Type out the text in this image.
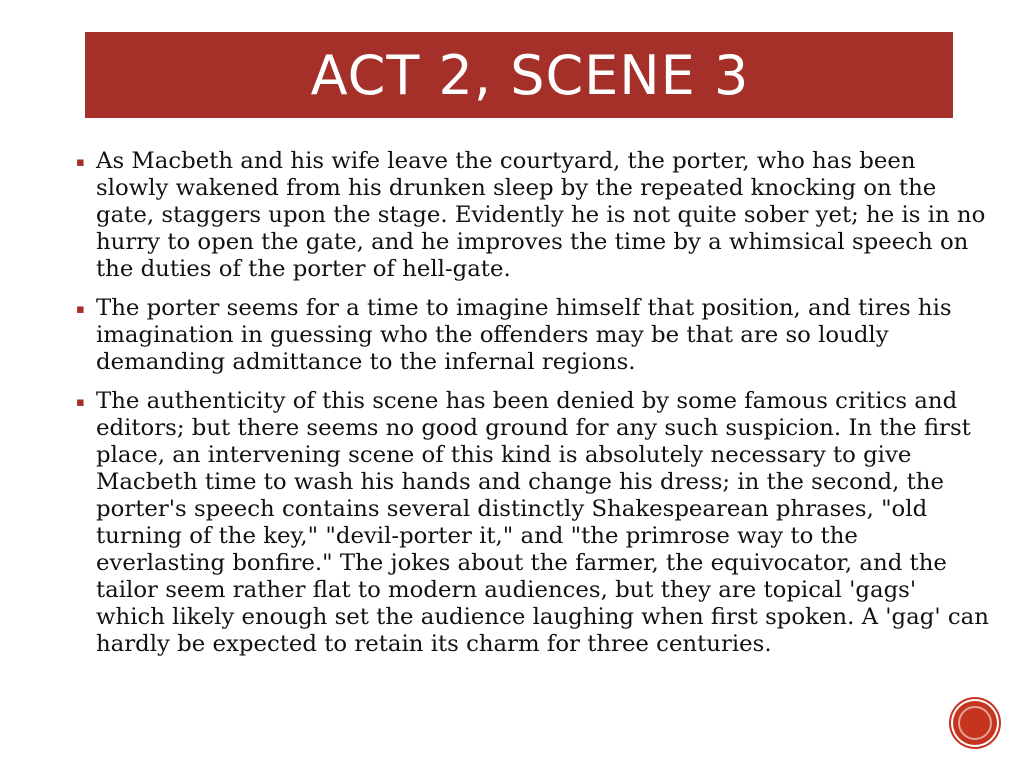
ACT 2, SCENE 3
▪ As Macbeth and his wife leave the courtyard, the porter, who has been slowly wakened from his drunken sleep by the repeated knocking on the gate, staggers upon the stage. Evidently he is not quite sober yet; he is in no hurry to open the gate, and he improves the time by a whimsical speech on the duties of the porter of hell-gate.
▪ The porter seems for a time to imagine himself that position, and tires his imagination in guessing who the offenders may be that are so loudly demanding admittance to the infernal regions.
▪ The authenticity of this scene has been denied by some famous critics and editors; but there seems no good ground for any such suspicion. In the first place, an intervening scene of this kind is absolutely necessary to give Macbeth time to wash his hands and change his dress; in the second, the porter's speech contains several distinctly Shakespearean phrases, "old turning of the key," "devil-porter it," and "the primrose way to the everlasting bonfire." The jokes about the farmer, the equivocator, and the tailor seem rather flat to modern audiences, but they are topical 'gags' which likely enough set the audience laughing when first spoken. A 'gag' can hardly be expected to retain its charm for three centuries.
